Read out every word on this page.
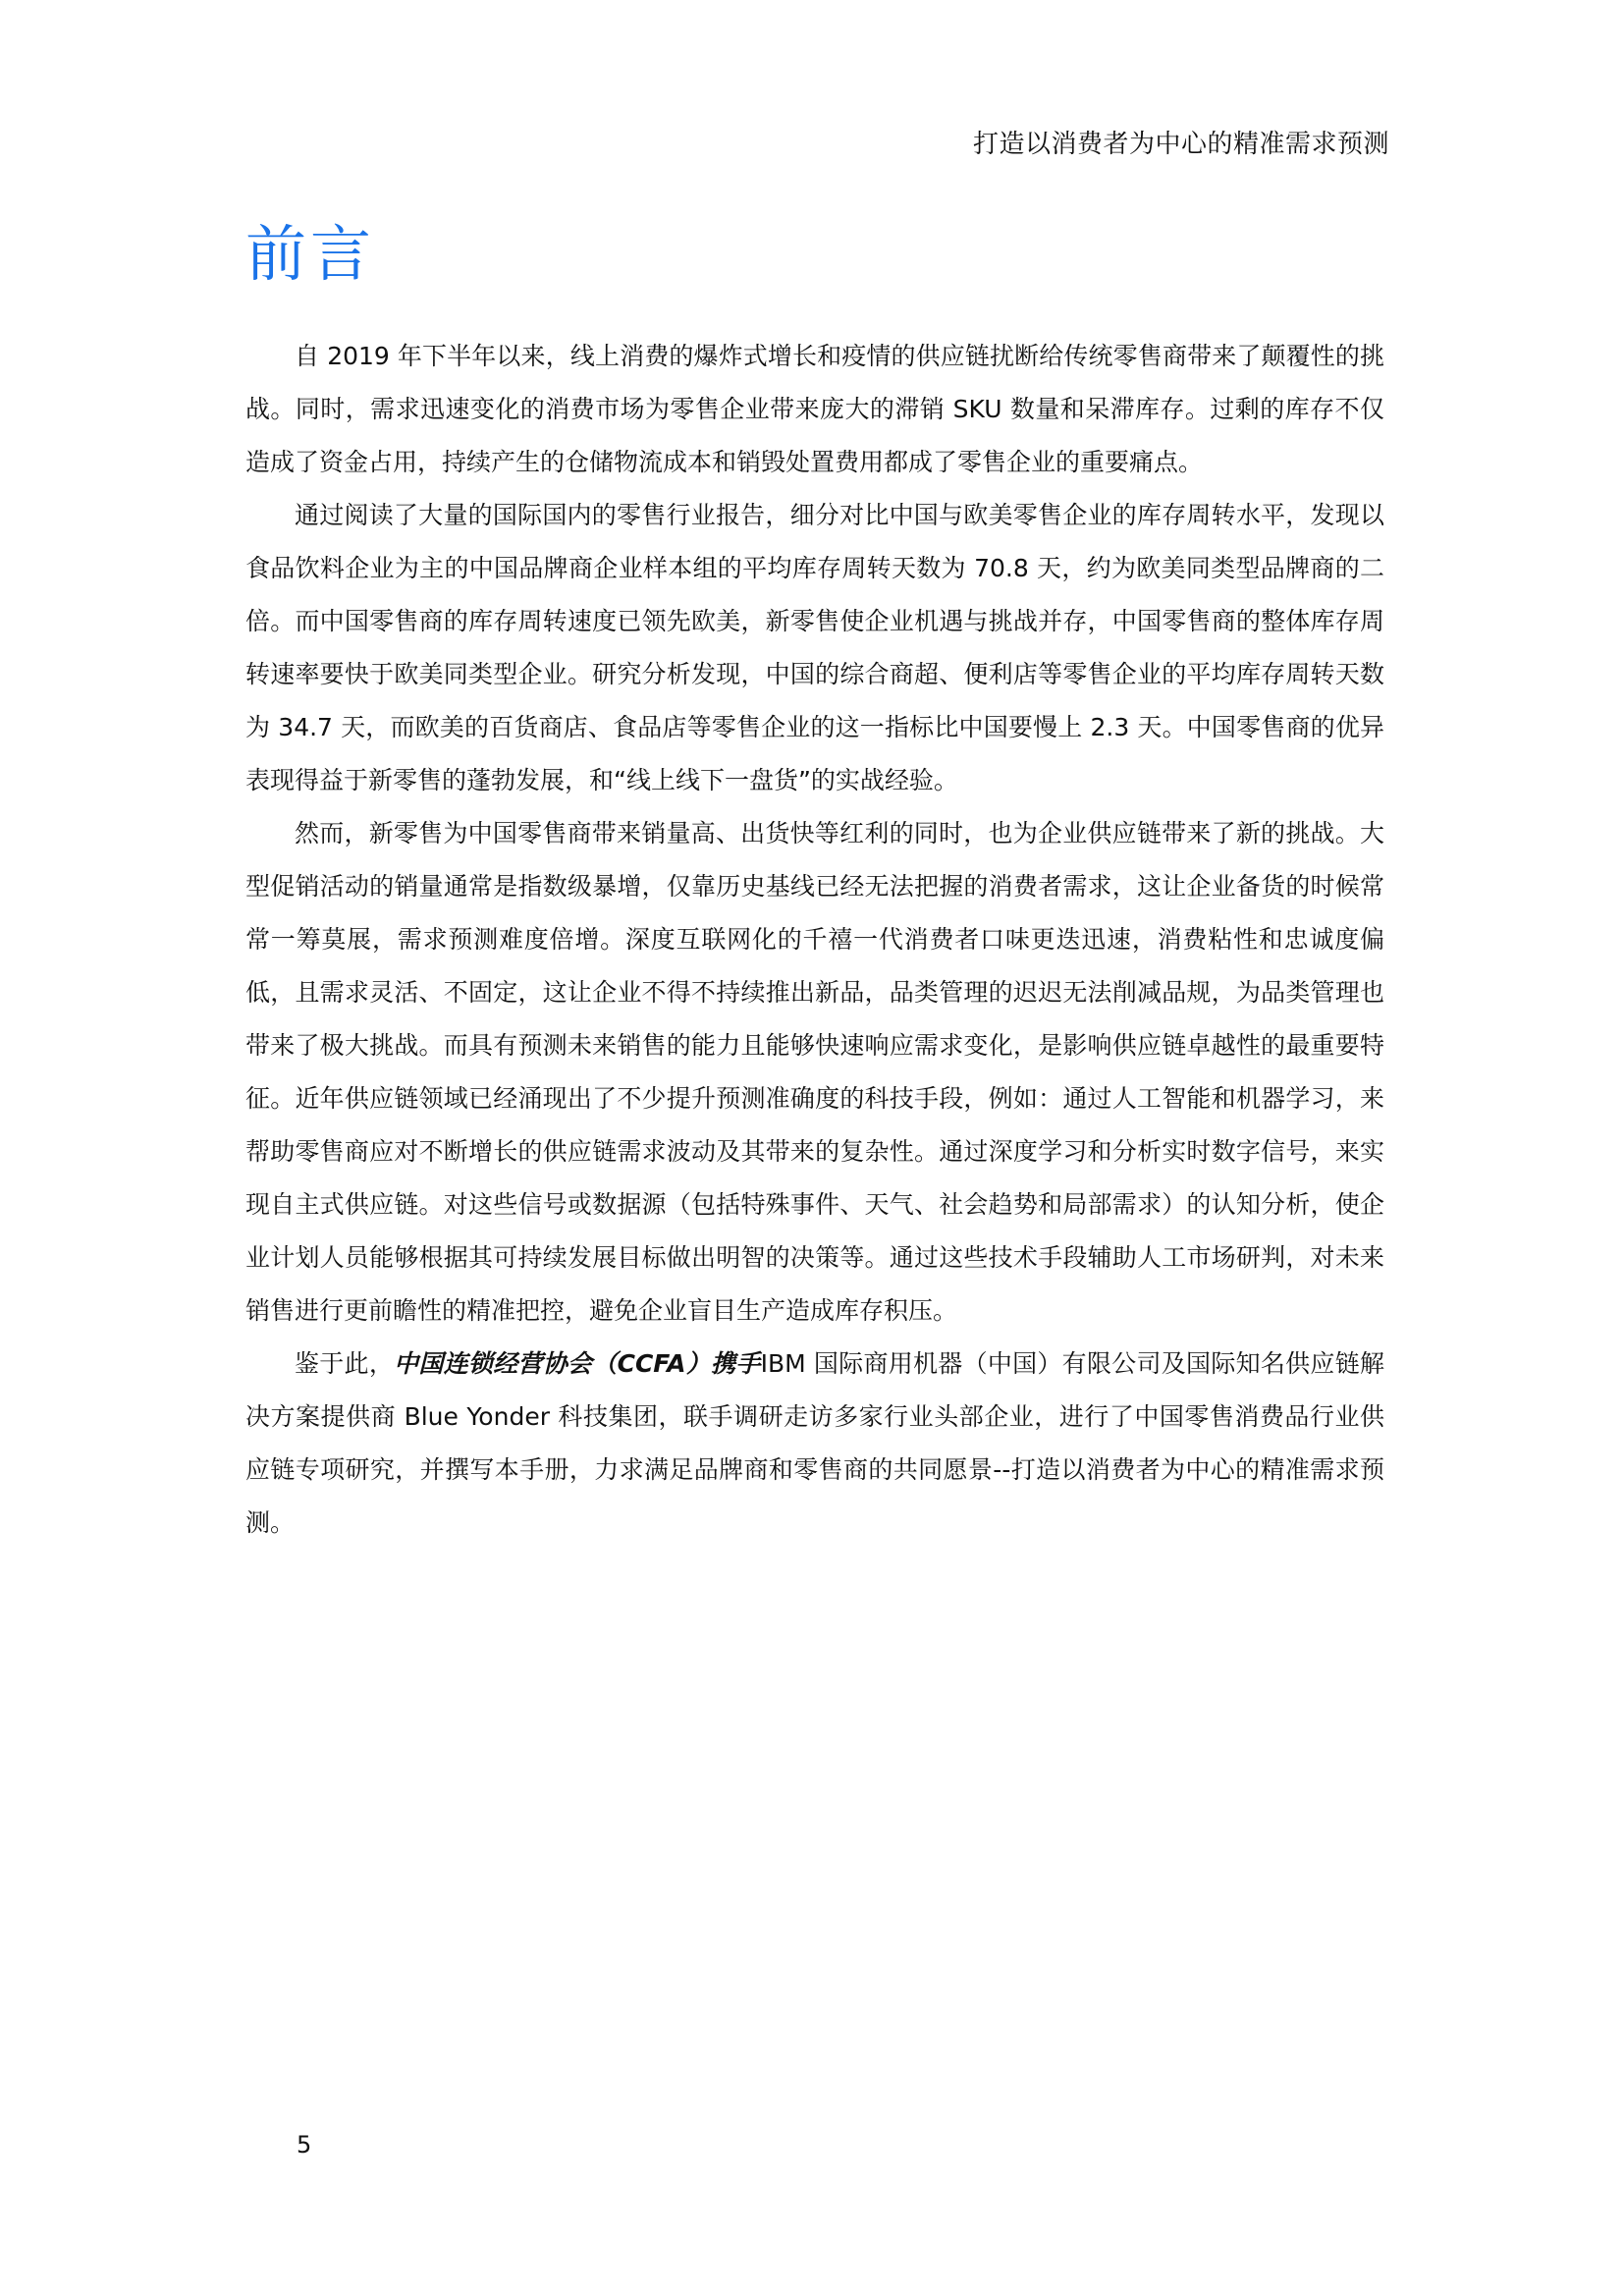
打造以消费者为中心的精准需求预测
前言

自 2019 年下半年以来，线上消费的爆炸式增长和疫情的供应链扰断给传统零售商带来了颠覆性的挑战。同时，需求迅速变化的消费市场为零售企业带来庞大的滞销 SKU 数量和呆滞库存。过剩的库存不仅造成了资金占用，持续产生的仓储物流成本和销毁处置费用都成了零售企业的重要痛点。

通过阅读了大量的国际国内的零售行业报告，细分对比中国与欧美零售企业的库存周转水平，发现以食品饮料企业为主的中国品牌商企业样本组的平均库存周转天数为 70.8 天，约为欧美同类型品牌商的二倍。而中国零售商的库存周转速度已领先欧美，新零售使企业机遇与挑战并存，中国零售商的整体库存周转速率要快于欧美同类型企业。研究分析发现，中国的综合商超、便利店等零售企业的平均库存周转天数为 34.7 天，而欧美的百货商店、食品店等零售企业的这一指标比中国要慢上 2.3 天。中国零售商的优异表现得益于新零售的蓬勃发展，和“线上线下一盘货”的实战经验。

然而，新零售为中国零售商带来销量高、出货快等红利的同时，也为企业供应链带来了新的挑战。大型促销活动的销量通常是指数级暴增，仅靠历史基线已经无法把握的消费者需求，这让企业备货的时候常常一筹莫展，需求预测难度倍增。深度互联网化的千禧一代消费者口味更迭迅速，消费粘性和忠诚度偏低，且需求灵活、不固定，这让企业不得不持续推出新品，品类管理的迟迟无法削减品规，为品类管理也带来了极大挑战。而具有预测未来销售的能力且能够快速响应需求变化，是影响供应链卓越性的最重要特征。近年供应链领域已经涌现出了不少提升预测准确度的科技手段，例如：通过人工智能和机器学习，来帮助零售商应对不断增长的供应链需求波动及其带来的复杂性。通过深度学习和分析实时数字信号，来实现自主式供应链。对这些信号或数据源（包括特殊事件、天气、社会趋势和局部需求）的认知分析，使企业计划人员能够根据其可持续发展目标做出明智的决策等。通过这些技术手段辅助人工市场研判，对未来销售进行更前瞻性的精准把控，避免企业盲目生产造成库存积压。

鉴于此，中国连锁经营协会（CCFA）携手IBM 国际商用机器（中国）有限公司及国际知名供应链解决方案提供商 Blue Yonder 科技集团，联手调研走访多家行业头部企业，进行了中国零售消费品行业供应链专项研究，并撰写本手册，力求满足品牌商和零售商的共同愿景--打造以消费者为中心的精准需求预测。

5
